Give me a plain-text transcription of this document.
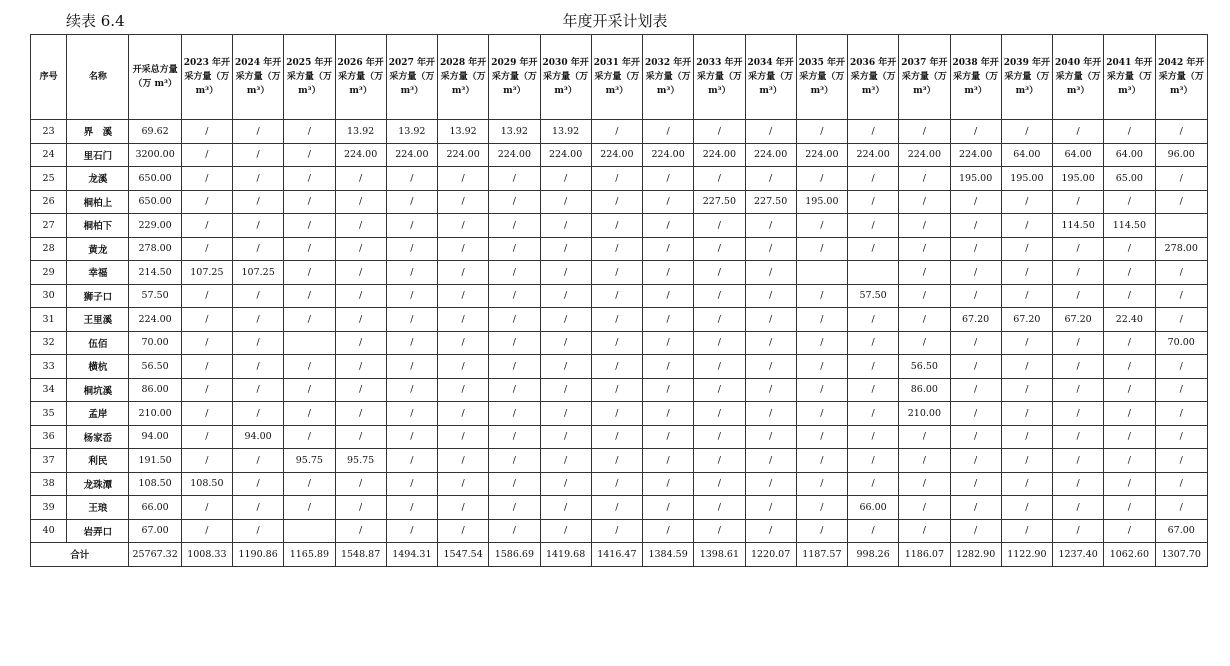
续表 6.4	年度开采计划表
序号	名称	开采总方量（万 m³）	2023 年开采方量（万 m³）	2024 年开采方量（万 m³）	2025 年开采方量（万 m³）	2026 年开采方量（万 m³）	2027 年开采方量（万 m³）	2028 年开采方量（万 m³）	2029 年开采方量（万 m³）	2030 年开采方量（万 m³）	2031 年开采方量（万 m³）	2032 年开采方量（万 m³）	2033 年开采方量（万 m³）	2034 年开采方量（万 m³）	2035 年开采方量（万 m³）	2036 年开采方量（万 m³）	2037 年开采方量（万 m³）	2038 年开采方量（万 m³）	2039 年开采方量（万 m³）	2040 年开采方量（万 m³）	2041 年开采方量（万 m³）	2042 年开采方量（万 m³）
23	界　溪	69.62	/	/	/	13.92	13.92	13.92	13.92	13.92	/	/	/	/	/	/	/	/	/	/	/	/
24	里石门	3200.00	/	/	/	224.00	224.00	224.00	224.00	224.00	224.00	224.00	224.00	224.00	224.00	224.00	224.00	224.00	64.00	64.00	64.00	96.00
25	龙溪	650.00	/	/	/	/	/	/	/	/	/	/	/	/	/	/	/	195.00	195.00	195.00	65.00	/
26	桐柏上	650.00	/	/	/	/	/	/	/	/	/	/	227.50	227.50	195.00	/	/	/	/	/	/	/
27	桐柏下	229.00	/	/	/	/	/	/	/	/	/	/	/	/	/	/	/	/	/	114.50	114.50	
28	黄龙	278.00	/	/	/	/	/	/	/	/	/	/	/	/	/	/	/	/	/	/	/	278.00
29	幸福	214.50	107.25	107.25	/	/	/	/	/	/	/	/	/	/			/	/	/	/	/	/
30	狮子口	57.50	/	/	/	/	/	/	/	/	/	/	/	/	/	57.50	/	/	/	/	/	/
31	王里溪	224.00	/	/	/	/	/	/	/	/	/	/	/	/	/	/	/	67.20	67.20	67.20	22.40	/
32	伍佰	70.00	/	/		/	/	/	/	/	/	/	/	/	/	/	/	/	/	/	/	70.00
33	横杭	56.50	/	/	/	/	/	/	/	/	/	/	/	/	/	/	56.50	/	/	/	/	/
34	桐坑溪	86.00	/	/	/	/	/	/	/	/	/	/	/	/	/	/	86.00	/	/	/	/	/
35	孟岸	210.00	/	/	/	/	/	/	/	/	/	/	/	/	/	/	210.00	/	/	/	/	/
36	杨家岙	94.00	/	94.00	/	/	/	/	/	/	/	/	/	/	/	/	/	/	/	/	/	/
37	利民	191.50	/	/	95.75	95.75	/	/	/	/	/	/	/	/	/	/	/	/	/	/	/	/
38	龙珠潭	108.50	108.50	/	/	/	/	/	/	/	/	/	/	/	/	/	/	/	/	/	/	/
39	王琅	66.00	/	/	/	/	/	/	/	/	/	/	/	/	/	66.00	/	/	/	/	/	/
40	岩弄口	67.00	/	/		/	/	/	/	/	/	/	/	/	/	/	/	/	/	/	/	67.00
合计		25767.32	1008.33	1190.86	1165.89	1548.87	1494.31	1547.54	1586.69	1419.68	1416.47	1384.59	1398.61	1220.07	1187.57	998.26	1186.07	1282.90	1122.90	1237.40	1062.60	1307.70
